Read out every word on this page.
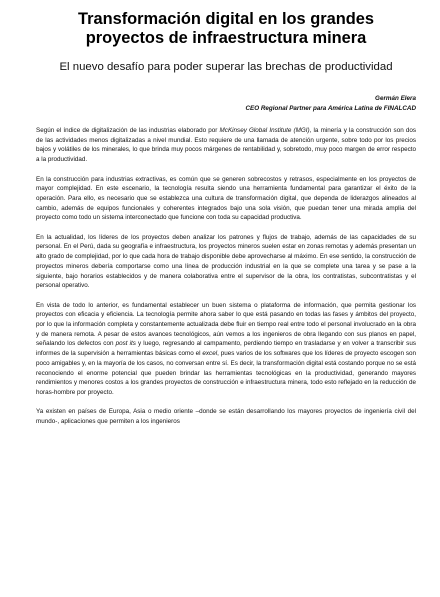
Transformación digital en los grandes
proyectos de infraestructura minera

El nuevo desafío para poder superar las brechas de productividad

Germán Elera
CEO Regional Partner para América Latina de FINALCAD

Según el índice de digitalización de las industrias elaborado por McKinsey Global Institute (MGI), la minería y la construcción son dos de las actividades menos digitalizadas a nivel mundial. Esto requiere de una llamada de atención urgente, sobre todo por los precios bajos y volátiles de los minerales, lo que brinda muy pocos márgenes de rentabilidad y, sobretodo, muy poco margen de error respecto a la productividad.

En la construcción para industrias extractivas, es común que se generen sobrecostos y retrasos, especialmente en los proyectos de mayor complejidad. En este escenario, la tecnología resulta siendo una herramienta fundamental para garantizar el éxito de la operación. Para ello, es necesario que se establezca una cultura de transformación digital, que dependa de liderazgos alineados al cambio, además de equipos funcionales y coherentes integrados bajo una sola visión, que puedan tener una mirada amplia del proyecto como todo un sistema interconectado que funcione con toda su capacidad productiva.

En la actualidad, los líderes de los proyectos deben analizar los patrones y flujos de trabajo, además de las capacidades de su personal. En el Perú, dada su geografía e infraestructura, los proyectos mineros suelen estar en zonas remotas y además presentan un alto grado de complejidad, por lo que cada hora de trabajo disponible debe aprovecharse al máximo. En ese sentido, la construcción de proyectos mineros debería comportarse como una línea de producción industrial en la que se complete una tarea y se pase a la siguiente, bajo horarios establecidos y de manera colaborativa entre el supervisor de la obra, los contratistas, subcontratistas y el personal operativo.

En vista de todo lo anterior, es fundamental establecer un buen sistema o plataforma de información, que permita gestionar los proyectos con eficacia y eficiencia. La tecnología permite ahora saber lo que está pasando en todas las fases y ámbitos del proyecto, por lo que la información completa y constantemente actualizada debe fluir en tiempo real entre todo el personal involucrado en la obra y de manera remota. A pesar de estos avances tecnológicos, aún vemos a los ingenieros de obra llegando con sus planos en papel, señalando los defectos con post its y luego, regresando al campamento, perdiendo tiempo en trasladarse y en volver a transcribir sus informes de la supervisión a herramientas básicas como el excel, pues varios de los softwares que los líderes de proyecto escogen son poco amigables y, en la mayoría de los casos, no conversan entre sí. Es decir, la transformación digital está costando porque no se está reconociendo el enorme potencial que pueden brindar las herramientas tecnológicas en la productividad, generando mayores rendimientos y menores costos a los grandes proyectos de construcción e infraestructura minera, todo esto reflejado en la reducción de horas-hombre por proyecto.

Ya existen en países de Europa, Asia o medio oriente –donde se están desarrollando los mayores proyectos de ingeniería civil del mundo-, aplicaciones que permiten a los ingenieros
